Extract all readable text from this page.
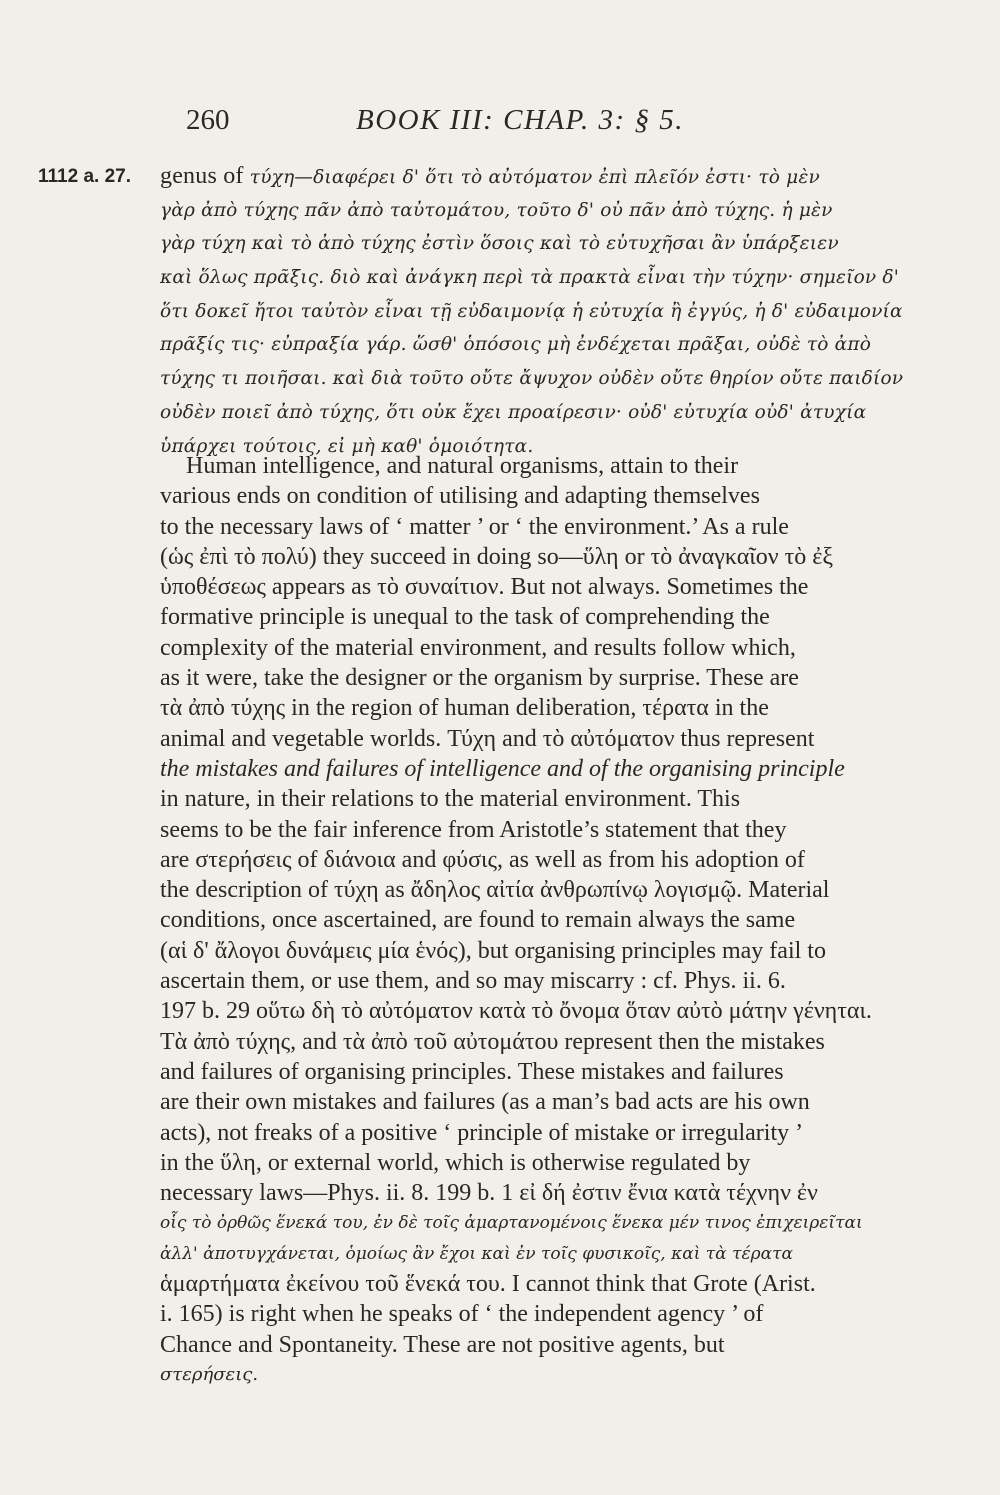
260	BOOK III: CHAP. 3: § 5.
1112 a. 27. genus of τύχη—διαφέρει δ' ὅτι τὸ αὐτόματον ἐπὶ πλεῖόν ἐστι· τὸ μὲν
γὰρ ἀπὸ τύχης πᾶν ἀπὸ ταὐτομάτου, τοῦτο δ' οὐ πᾶν ἀπὸ τύχης. ἡ μὲν
γὰρ τύχη καὶ τὸ ἀπὸ τύχης ἐστὶν ὅσοις καὶ τὸ εὐτυχῆσαι ἂν ὑπάρξειεν
καὶ ὅλως πρᾶξις. διὸ καὶ ἀνάγκη περὶ τὰ πρακτὰ εἶναι τὴν τύχην· σημεῖον δ'
ὅτι δοκεῖ ἤτοι ταὐτὸν εἶναι τῇ εὐδαιμονίᾳ ἡ εὐτυχία ἢ ἐγγύς, ἡ δ' εὐδαιμονία
πρᾶξίς τις· εὐπραξία γάρ. ὥσθ' ὁπόσοις μὴ ἐνδέχεται πρᾶξαι, οὐδὲ τὸ ἀπὸ
τύχης τι ποιῆσαι. καὶ διὰ τοῦτο οὔτε ἄψυχον οὐδὲν οὔτε θηρίον οὔτε παιδίον
οὐδὲν ποιεῖ ἀπὸ τύχης, ὅτι οὐκ ἔχει προαίρεσιν· οὐδ' εὐτυχία οὐδ' ἀτυχία
ὑπάρχει τούτοις, εἰ μὴ καθ' ὁμοιότητα.
Human intelligence, and natural organisms, attain to their
various ends on condition of utilising and adapting themselves
to the necessary laws of ‘ matter ’ or ‘ the environment.’ As a rule
(ὡς ἐπὶ τὸ πολύ) they succeed in doing so—ὕλη or τὸ ἀναγκαῖον τὸ ἐξ
ὑποθέσεως appears as τὸ συναίτιον. But not always. Sometimes the
formative principle is unequal to the task of comprehending the
complexity of the material environment, and results follow which,
as it were, take the designer or the organism by surprise. These are
τὰ ἀπὸ τύχης in the region of human deliberation, τέρατα in the
animal and vegetable worlds. Τύχη and τὸ αὐτόματον thus represent
the mistakes and failures of intelligence and of the organising principle
in nature, in their relations to the material environment. This
seems to be the fair inference from Aristotle’s statement that they
are στερήσεις of διάνοια and φύσις, as well as from his adoption of
the description of τύχη as ἄδηλος αἰτία ἀνθρωπίνῳ λογισμῷ. Material
conditions, once ascertained, are found to remain always the same
(αἱ δ' ἄλογοι δυνάμεις μία ἑνός), but organising principles may fail to
ascertain them, or use them, and so may miscarry : cf. Phys. ii. 6.
197 b. 29 οὕτω δὴ τὸ αὐτόματον κατὰ τὸ ὄνομα ὅταν αὐτὸ μάτην γένηται.
Τὰ ἀπὸ τύχης, and τὰ ἀπὸ τοῦ αὐτομάτου represent then the mistakes
and failures of organising principles. These mistakes and failures
are their own mistakes and failures (as a man’s bad acts are his own
acts), not freaks of a positive ‘ principle of mistake or irregularity ’
in the ὕλη, or external world, which is otherwise regulated by
necessary laws—Phys. ii. 8. 199 b. 1 εἰ δή ἐστιν ἔνια κατὰ τέχνην ἐν
οἷς τὸ ὀρθῶς ἕνεκά του, ἐν δὲ τοῖς ἁμαρτανομένοις ἕνεκα μέν τινος ἐπιχειρεῖται
ἀλλ' ἀποτυγχάνεται, ὁμοίως ἂν ἔχοι καὶ ἐν τοῖς φυσικοῖς, καὶ τὰ τέρατα
ἁμαρτήματα ἐκείνου τοῦ ἕνεκά του. I cannot think that Grote (Arist.
i. 165) is right when he speaks of ‘ the independent agency ’ of
Chance and Spontaneity. These are not positive agents, but
στερήσεις.
